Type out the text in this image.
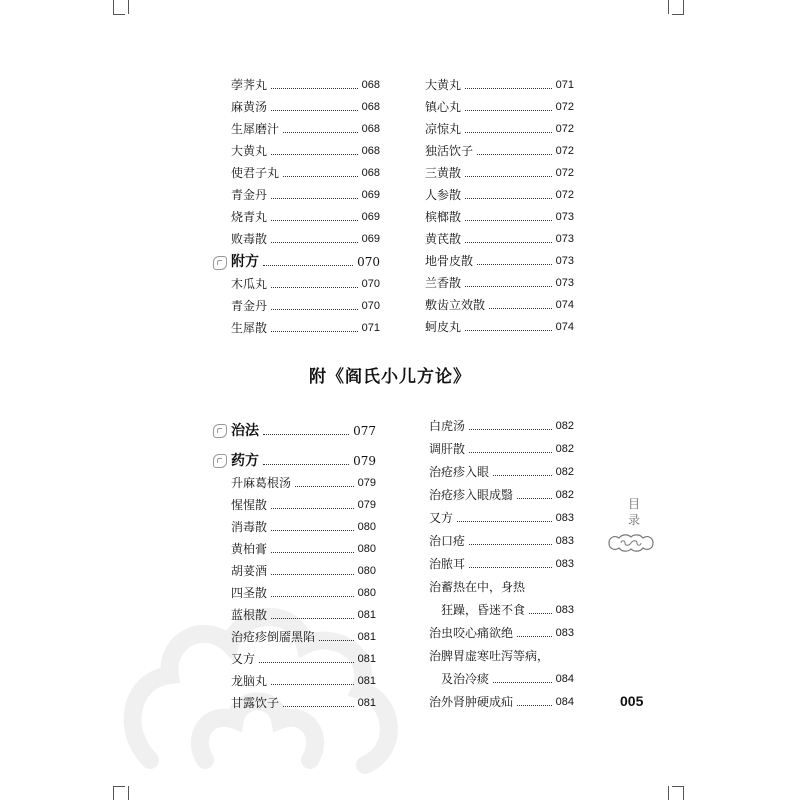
荸荠丸	068
麻黄汤	068
生犀磨汁	068
大黄丸	068
使君子丸	068
青金丹	069
烧青丸	069
败毒散	069
附方	070
木瓜丸	070
青金丹	070
生犀散	071
大黄丸	071
镇心丸	072
凉惊丸	072
独活饮子	072
三黄散	072
人参散	072
槟榔散	073
黄芪散	073
地骨皮散	073
兰香散	073
敷齿立效散	074
蚵皮丸	074
附《阎氏小儿方论》
治法	077
药方	079
升麻葛根汤	079
惺惺散	079
消毒散	080
黄柏膏	080
胡荽酒	080
四圣散	080
蓝根散	081
治疮疹倒靥黑陷	081
又方	081
龙脑丸	081
甘露饮子	081
白虎汤	082
调肝散	082
治疮疹入眼	082
治疮疹入眼成翳	082
又方	083
治口疮	083
治脓耳	083
治蓄热在中，身热
狂躁，昏迷不食	083
治虫咬心痛欲绝	083
治脾胃虚寒吐泻等病，
及治冷痰	084
治外肾肿硬成疝	084
目
录
005
